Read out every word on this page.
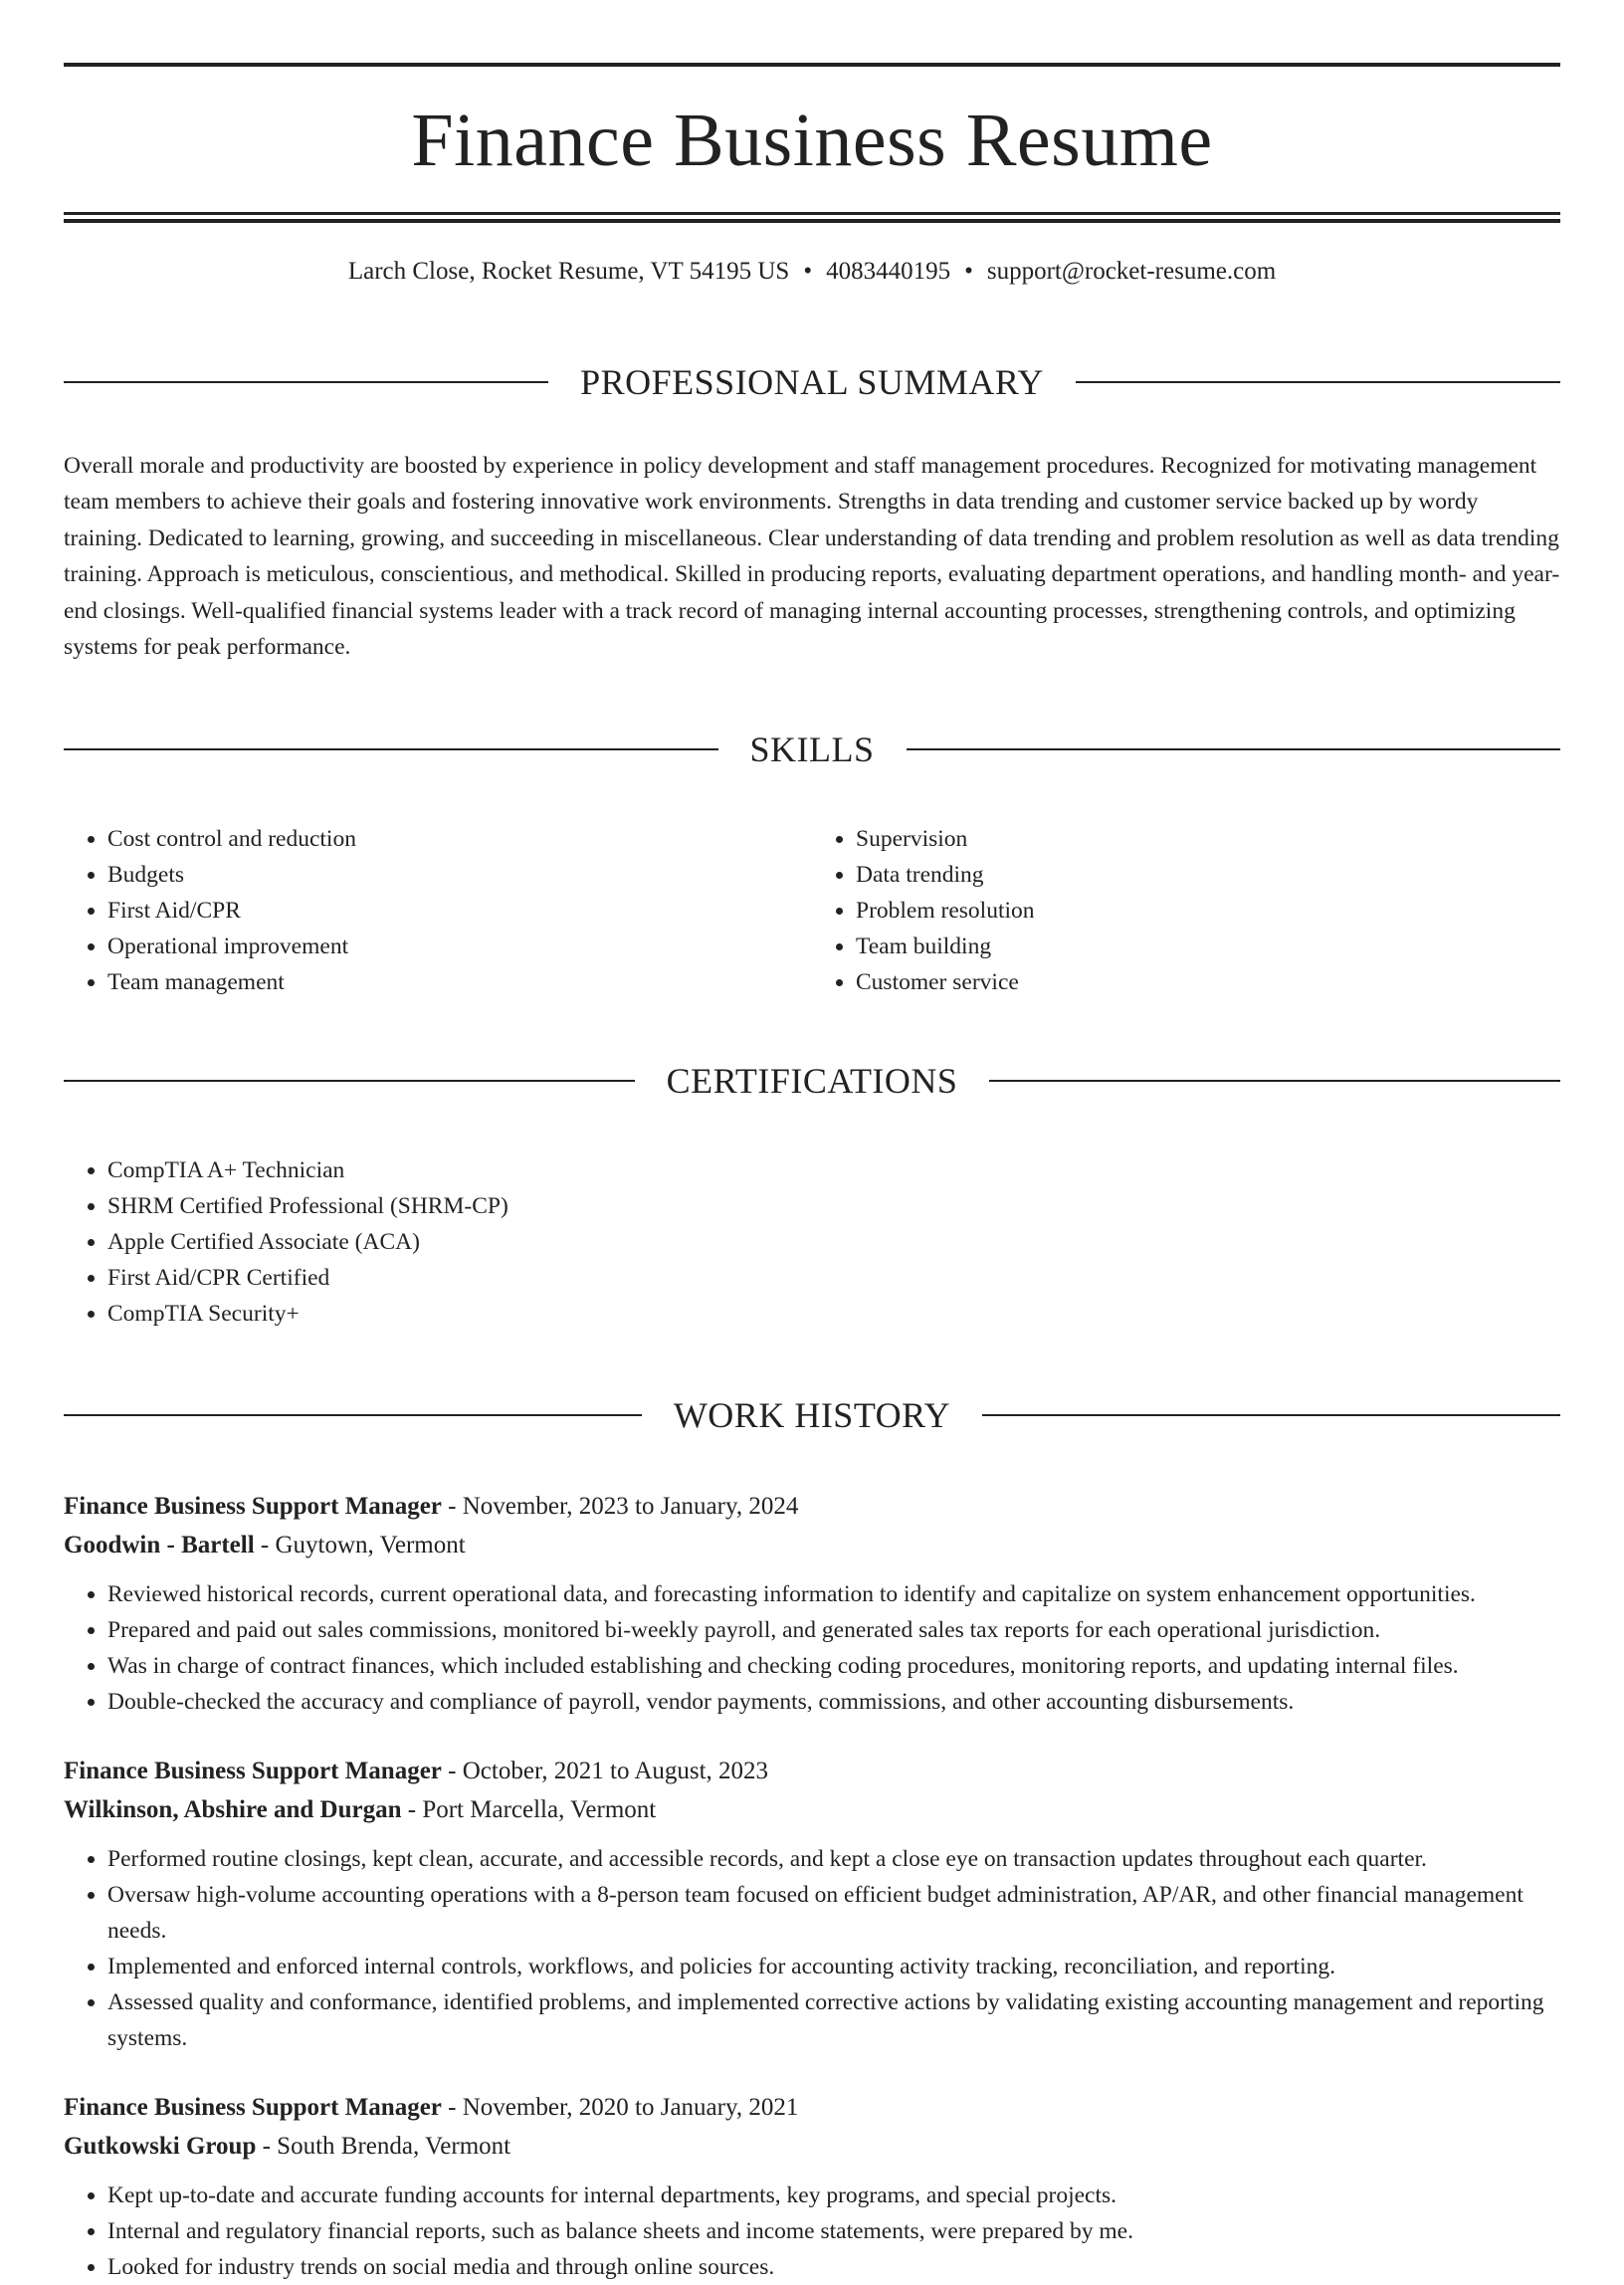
Finance Business Resume
Larch Close, Rocket Resume, VT 54195 US • 4083440195 • support@rocket-resume.com
PROFESSIONAL SUMMARY

Overall morale and productivity are boosted by experience in policy development and staff management procedures. Recognized for motivating management team members to achieve their goals and fostering innovative work environments. Strengths in data trending and customer service backed up by wordy training. Dedicated to learning, growing, and succeeding in miscellaneous. Clear understanding of data trending and problem resolution as well as data trending training. Approach is meticulous, conscientious, and methodical. Skilled in producing reports, evaluating department operations, and handling month- and year-end closings. Well-qualified financial systems leader with a track record of managing internal accounting processes, strengthening controls, and optimizing systems for peak performance.

SKILLS
• Cost control and reduction
• Budgets
• First Aid/CPR
• Operational improvement
• Team management
• Supervision
• Data trending
• Problem resolution
• Team building
• Customer service
CERTIFICATIONS
• CompTIA A+ Technician
• SHRM Certified Professional (SHRM-CP)
• Apple Certified Associate (ACA)
• First Aid/CPR Certified
• CompTIA Security+
WORK HISTORY
Finance Business Support Manager - November, 2023 to January, 2024
Goodwin - Bartell - Guytown, Vermont
• Reviewed historical records, current operational data, and forecasting information to identify and capitalize on system enhancement opportunities.
• Prepared and paid out sales commissions, monitored bi-weekly payroll, and generated sales tax reports for each operational jurisdiction.
• Was in charge of contract finances, which included establishing and checking coding procedures, monitoring reports, and updating internal files.
• Double-checked the accuracy and compliance of payroll, vendor payments, commissions, and other accounting disbursements.
Finance Business Support Manager - October, 2021 to August, 2023
Wilkinson, Abshire and Durgan - Port Marcella, Vermont
• Performed routine closings, kept clean, accurate, and accessible records, and kept a close eye on transaction updates throughout each quarter.
• Oversaw high-volume accounting operations with a 8-person team focused on efficient budget administration, AP/AR, and other financial management needs.
• Implemented and enforced internal controls, workflows, and policies for accounting activity tracking, reconciliation, and reporting.
• Assessed quality and conformance, identified problems, and implemented corrective actions by validating existing accounting management and reporting systems.
Finance Business Support Manager - November, 2020 to January, 2021
Gutkowski Group - South Brenda, Vermont
• Kept up-to-date and accurate funding accounts for internal departments, key programs, and special projects.
• Internal and regulatory financial reports, such as balance sheets and income statements, were prepared by me.
• Looked for industry trends on social media and through online sources.
